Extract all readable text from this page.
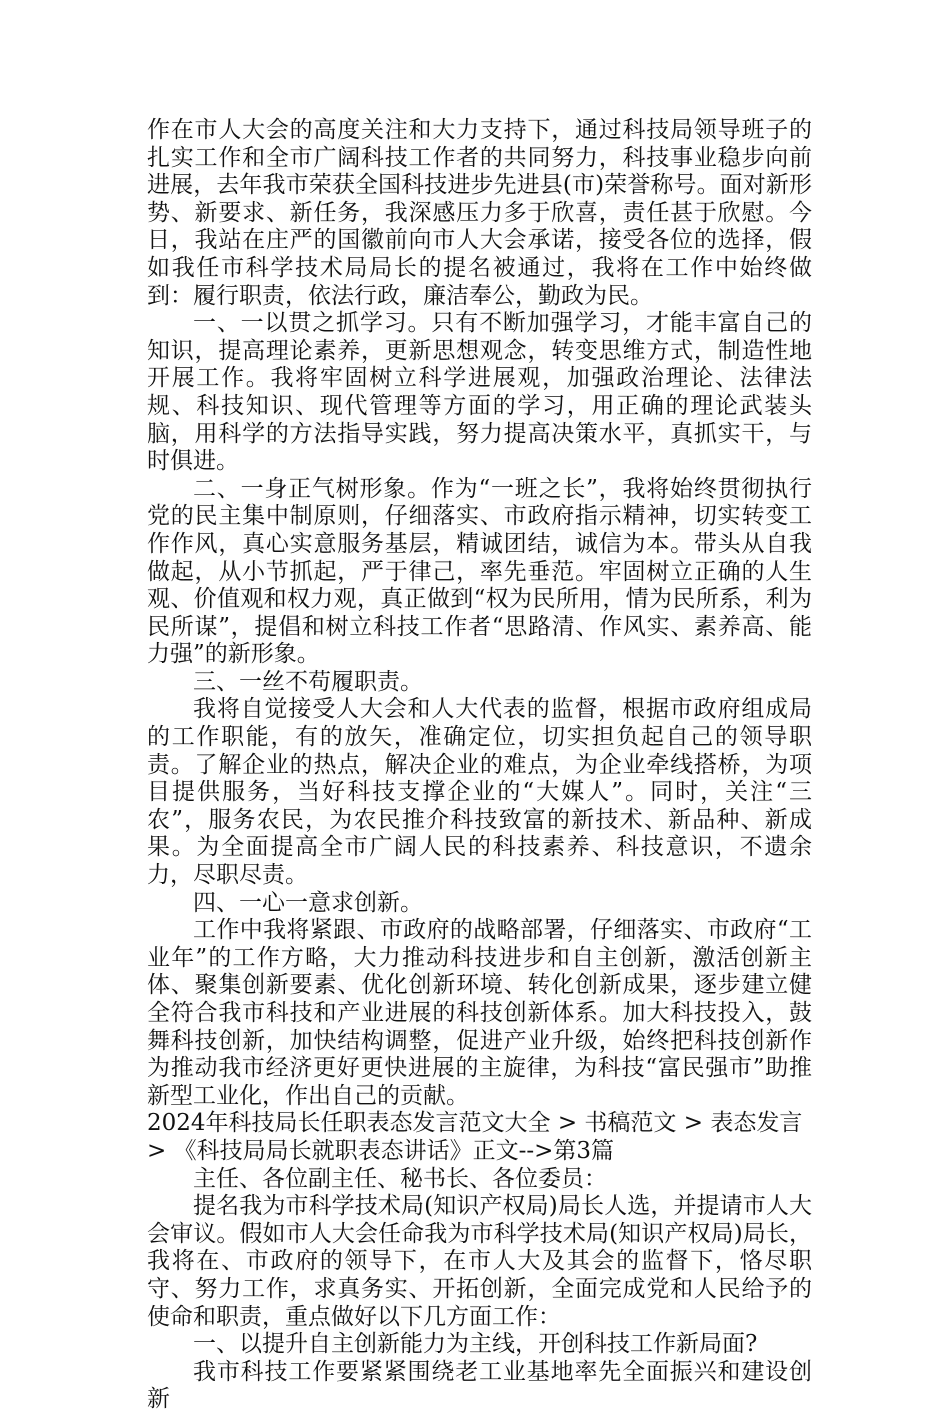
作在市人大会的高度关注和大力支持下，通过科技局领导班子的扎实工作和全市广阔科技工作者的共同努力，科技事业稳步向前进展，去年我市荣获全国科技进步先进县(市)荣誉称号。面对新形势、新要求、新任务，我深感压力多于欣喜，责任甚于欣慰。今日，我站在庄严的国徽前向市人大会承诺，接受各位的选择，假如我任市科学技术局局长的提名被通过，我将在工作中始终做到：履行职责，依法行政，廉洁奉公，勤政为民。

一、一以贯之抓学习。只有不断加强学习，才能丰富自己的知识，提高理论素养，更新思想观念，转变思维方式，制造性地开展工作。我将牢固树立科学进展观，加强政治理论、法律法规、科技知识、现代管理等方面的学习，用正确的理论武装头脑，用科学的方法指导实践，努力提高决策水平，真抓实干，与时俱进。

二、一身正气树形象。作为“一班之长”，我将始终贯彻执行党的民主集中制原则，仔细落实、市政府指示精神，切实转变工作作风，真心实意服务基层，精诚团结，诚信为本。带头从自我做起，从小节抓起，严于律己，率先垂范。牢固树立正确的人生观、价值观和权力观，真正做到“权为民所用，情为民所系，利为民所谋”，提倡和树立科技工作者“思路清、作风实、素养高、能力强”的新形象。

三、一丝不苟履职责。

我将自觉接受人大会和人大代表的监督，根据市政府组成局的工作职能，有的放矢，准确定位，切实担负起自己的领导职责。了解企业的热点，解决企业的难点，为企业牵线搭桥，为项目提供服务，当好科技支撑企业的“大媒人”。同时，关注“三农”，服务农民，为农民推介科技致富的新技术、新品种、新成果。为全面提高全市广阔人民的科技素养、科技意识，不遗余力，尽职尽责。

四、一心一意求创新。

工作中我将紧跟、市政府的战略部署，仔细落实、市政府“工业年”的工作方略，大力推动科技进步和自主创新，激活创新主体、聚集创新要素、优化创新环境、转化创新成果，逐步建立健全符合我市科技和产业进展的科技创新体系。加大科技投入，鼓舞科技创新，加快结构调整，促进产业升级，始终把科技创新作为推动我市经济更好更快进展的主旋律，为科技“富民强市”助推新型工业化，作出自己的贡献。

2024年科技局长任职表态发言范文大全 > 书稿范文 > 表态发言 > 《科技局局长就职表态讲话》正文-->第3篇

主任、各位副主任、秘书长、各位委员：

提名我为市科学技术局(知识产权局)局长人选，并提请市人大会审议。假如市人大会任命我为市科学技术局(知识产权局)局长，我将在、市政府的领导下，在市人大及其会的监督下，恪尽职守、努力工作，求真务实、开拓创新，全面完成党和人民给予的使命和职责，重点做好以下几方面工作：

一、以提升自主创新能力为主线，开创科技工作新局面?

我市科技工作要紧紧围绕老工业基地率先全面振兴和建设创新
